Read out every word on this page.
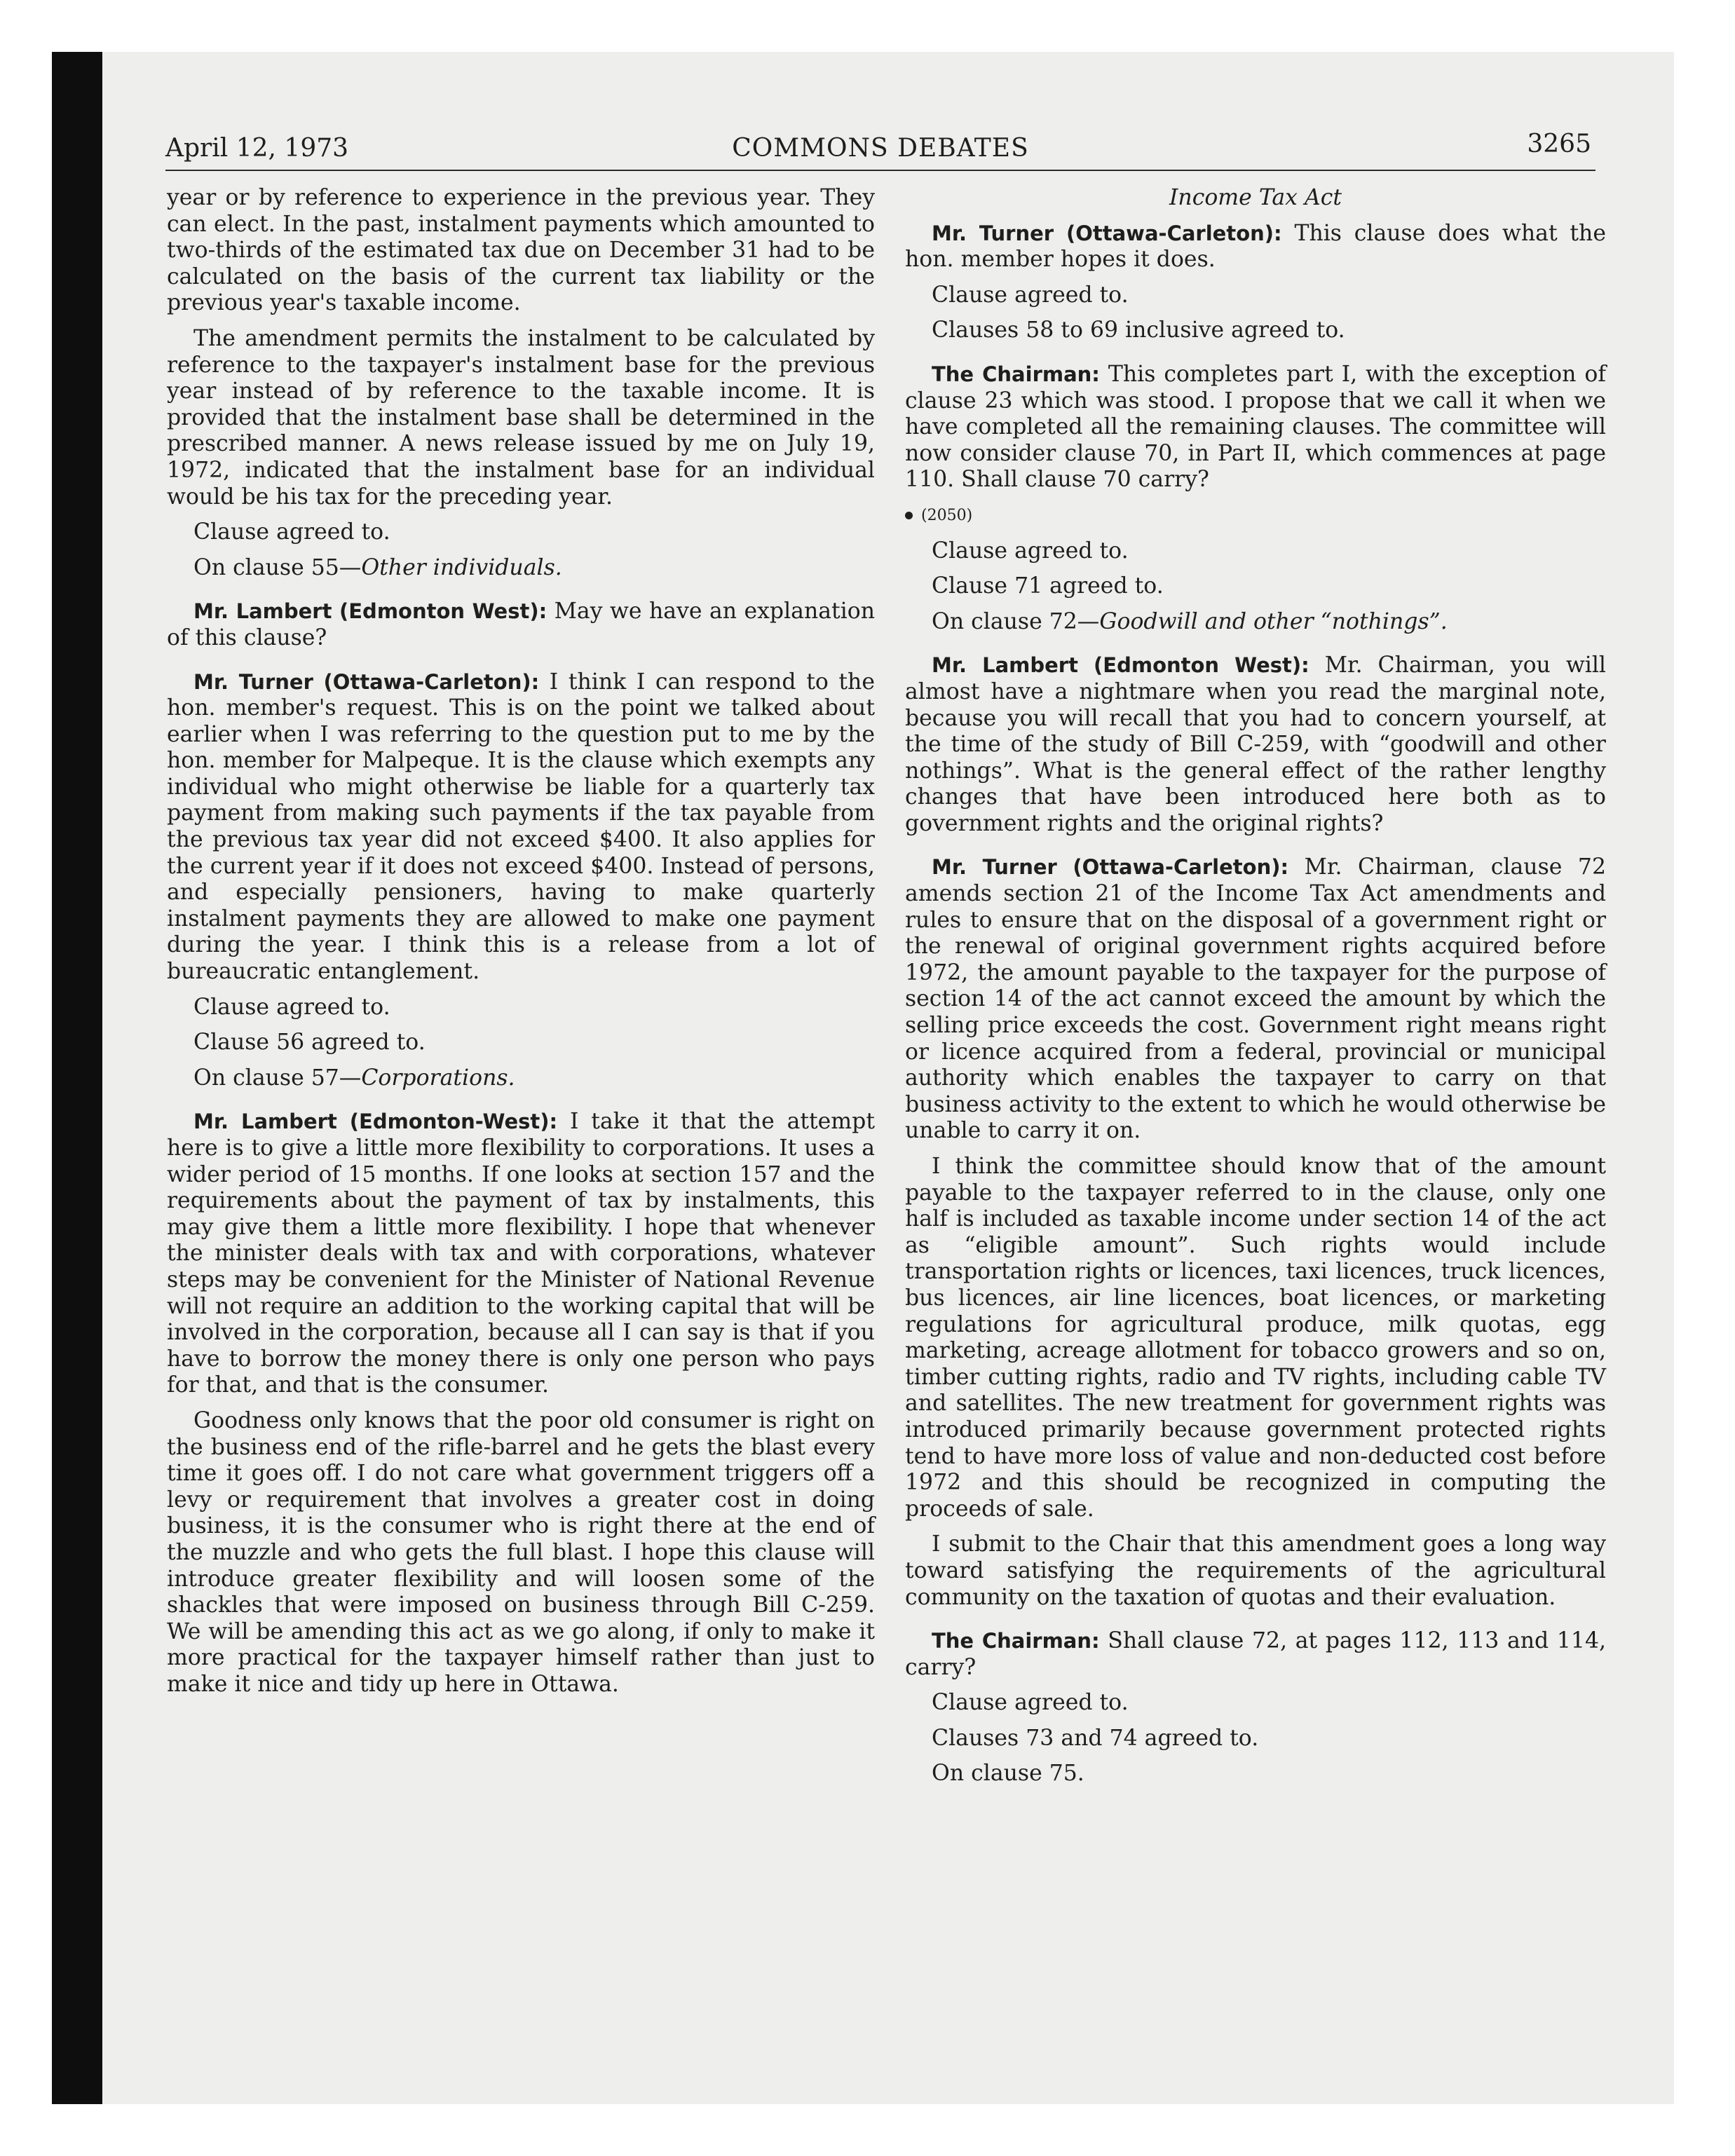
April 12, 1973	COMMONS DEBATES	3265

year or by reference to experience in the previous year. They can elect. In the past, instalment payments which amounted to two-thirds of the estimated tax due on December 31 had to be calculated on the basis of the current tax liability or the previous year's taxable income.

The amendment permits the instalment to be calculated by reference to the taxpayer's instalment base for the previous year instead of by reference to the taxable income. It is provided that the instalment base shall be determined in the prescribed manner. A news release issued by me on July 19, 1972, indicated that the instalment base for an individual would be his tax for the preceding year.

Clause agreed to.

On clause 55—Other individuals.

Mr. Lambert (Edmonton West): May we have an explanation of this clause?

Mr. Turner (Ottawa-Carleton): I think I can respond to the hon. member's request. This is on the point we talked about earlier when I was referring to the question put to me by the hon. member for Malpeque. It is the clause which exempts any individual who might otherwise be liable for a quarterly tax payment from making such payments if the tax payable from the previous tax year did not exceed $400. It also applies for the current year if it does not exceed $400. Instead of persons, and especially pensioners, having to make quarterly instalment payments they are allowed to make one payment during the year. I think this is a release from a lot of bureaucratic entanglement.

Clause agreed to.

Clause 56 agreed to.

On clause 57—Corporations.

Mr. Lambert (Edmonton-West): I take it that the attempt here is to give a little more flexibility to corporations. It uses a wider period of 15 months. If one looks at section 157 and the requirements about the payment of tax by instalments, this may give them a little more flexibility. I hope that whenever the minister deals with tax and with corporations, whatever steps may be convenient for the Minister of National Revenue will not require an addition to the working capital that will be involved in the corporation, because all I can say is that if you have to borrow the money there is only one person who pays for that, and that is the consumer.

Goodness only knows that the poor old consumer is right on the business end of the rifle-barrel and he gets the blast every time it goes off. I do not care what government triggers off a levy or requirement that involves a greater cost in doing business, it is the consumer who is right there at the end of the muzzle and who gets the full blast. I hope this clause will introduce greater flexibility and will loosen some of the shackles that were imposed on business through Bill C-259. We will be amending this act as we go along, if only to make it more practical for the taxpayer himself rather than just to make it nice and tidy up here in Ottawa.

Income Tax Act

Mr. Turner (Ottawa-Carleton): This clause does what the hon. member hopes it does.

Clause agreed to.

Clauses 58 to 69 inclusive agreed to.

The Chairman: This completes part I, with the exception of clause 23 which was stood. I propose that we call it when we have completed all the remaining clauses. The committee will now consider clause 70, in Part II, which commences at page 110. Shall clause 70 carry?

(2050)

Clause agreed to.

Clause 71 agreed to.

On clause 72—Goodwill and other “nothings”.

Mr. Lambert (Edmonton West): Mr. Chairman, you will almost have a nightmare when you read the marginal note, because you will recall that you had to concern yourself, at the time of the study of Bill C-259, with “goodwill and other nothings”. What is the general effect of the rather lengthy changes that have been introduced here both as to government rights and the original rights?

Mr. Turner (Ottawa-Carleton): Mr. Chairman, clause 72 amends section 21 of the Income Tax Act amendments and rules to ensure that on the disposal of a government right or the renewal of original government rights acquired before 1972, the amount payable to the taxpayer for the purpose of section 14 of the act cannot exceed the amount by which the selling price exceeds the cost. Government right means right or licence acquired from a federal, provincial or municipal authority which enables the taxpayer to carry on that business activity to the extent to which he would otherwise be unable to carry it on.

I think the committee should know that of the amount payable to the taxpayer referred to in the clause, only one half is included as taxable income under section 14 of the act as “eligible amount”. Such rights would include transportation rights or licences, taxi licences, truck licences, bus licences, air line licences, boat licences, or marketing regulations for agricultural produce, milk quotas, egg marketing, acreage allotment for tobacco growers and so on, timber cutting rights, radio and TV rights, including cable TV and satellites. The new treatment for government rights was introduced primarily because government protected rights tend to have more loss of value and non-deducted cost before 1972 and this should be recognized in computing the proceeds of sale.

I submit to the Chair that this amendment goes a long way toward satisfying the requirements of the agricultural community on the taxation of quotas and their evaluation.

The Chairman: Shall clause 72, at pages 112, 113 and 114, carry?

Clause agreed to.

Clauses 73 and 74 agreed to.

On clause 75.
